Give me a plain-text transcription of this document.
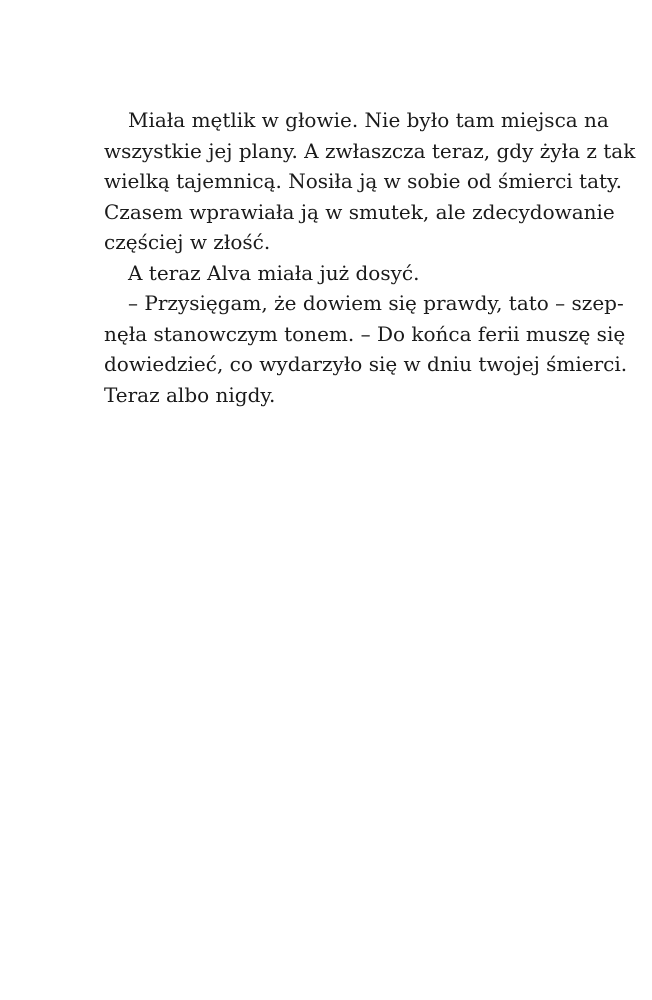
Miała mętlik w głowie. Nie było tam miejsca na
wszystkie jej plany. A zwłaszcza teraz, gdy żyła z tak
wielką tajemnicą. Nosiła ją w sobie od śmierci taty.
Czasem wprawiała ją w smutek, ale zdecydowanie
częściej w złość.
A teraz Alva miała już dosyć.
– Przysięgam, że dowiem się prawdy, tato – szep-
nęła stanowczym tonem. – Do końca ferii muszę się
dowiedzieć, co wydarzyło się w dniu twojej śmierci.
Teraz albo nigdy.
